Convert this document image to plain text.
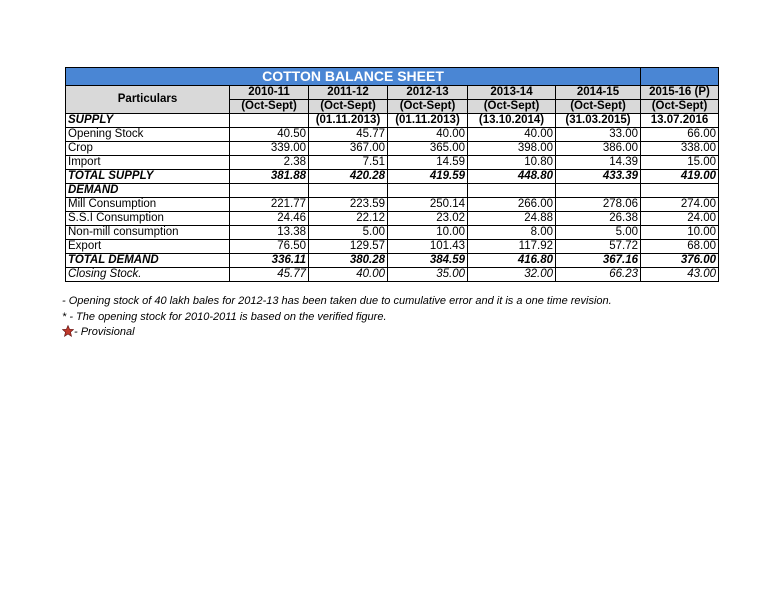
COTTON BALANCE SHEET						
Particulars	2010-11	2011-12	2012-13	2013-14	2014-15	2015-16 (P)
	(Oct-Sept)	(Oct-Sept)	(Oct-Sept)	(Oct-Sept)	(Oct-Sept)	(Oct-Sept)
SUPPLY		(01.11.2013)	(01.11.2013)	(13.10.2014)	(31.03.2015)	13.07.2016
Opening Stock	40.50	45.77	40.00	40.00	33.00	66.00
Crop	339.00	367.00	365.00	398.00	386.00	338.00
Import	2.38	7.51	14.59	10.80	14.39	15.00
TOTAL SUPPLY	381.88	420.28	419.59	448.80	433.39	419.00
DEMAND						
Mill Consumption	221.77	223.59	250.14	266.00	278.06	274.00
S.S.I Consumption	24.46	22.12	23.02	24.88	26.38	24.00
Non-mill consumption	13.38	5.00	10.00	8.00	5.00	10.00
Export	76.50	129.57	101.43	117.92	57.72	68.00
TOTAL DEMAND	336.11	380.28	384.59	416.80	367.16	376.00
Closing Stock.	45.77	40.00	35.00	32.00	66.23	43.00
- Opening stock of 40 lakh bales for 2012-13 has been taken due to cumulative error and it is a one time revision.
* - The opening stock for 2010-2011 is based on the verified figure.
- Provisional
